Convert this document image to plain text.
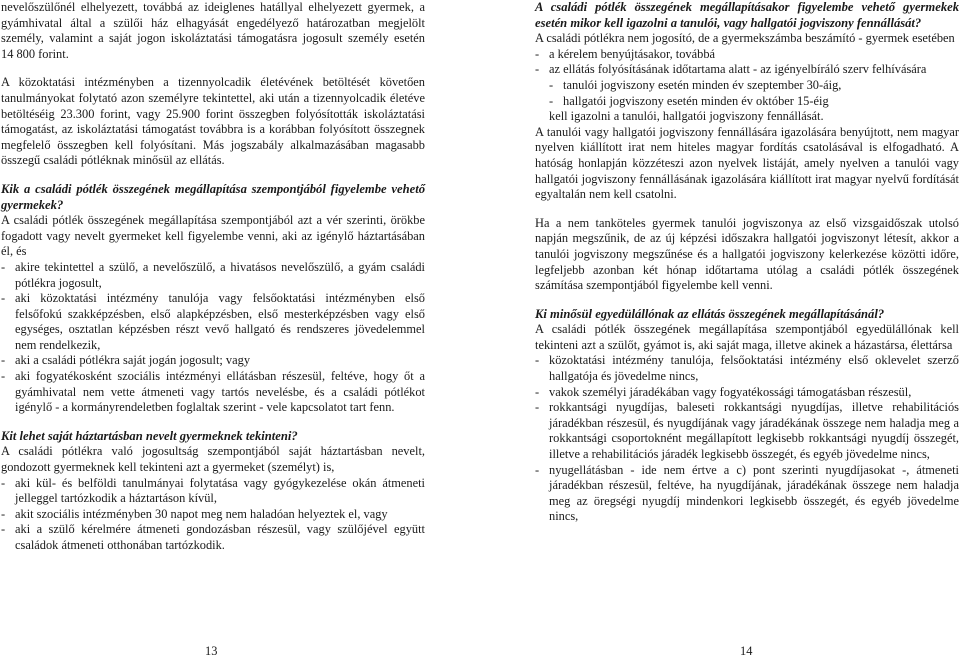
nevelőszülőnél elhelyezett, továbbá az ideiglenes hatállyal elhelyezett gyermek, a gyámhivatal által a szülői ház elhagyását engedélyező határozatban megjelölt személy, valamint a saját jogon iskoláztatási támogatásra jogosult személy esetén                    14 800 forint.

A közoktatási intézményben a tizennyolcadik életévének betöltését követően tanulmányokat folytató azon személyre tekintettel, aki után a tizennyolcadik életéve betöltéséig 23.300 forint, vagy 25.900 forint összegben folyósították iskoláztatási támogatást, az iskoláztatási támogatást továbbra is a korábban folyósított összegnek megfelelő összegben kell folyósítani. Más jogszabály alkalmazásában magasabb összegű családi pótléknak minősül az ellátás.

Kik a családi pótlék összegének megállapítása szempontjából figyelembe vehető gyermekek?

A családi pótlék összegének megállapítása szempontjából azt a vér szerinti, örökbe fogadott vagy nevelt gyermeket kell figyelembe venni, aki az igénylő háztartásában él, és

- akire tekintettel a szülő, a nevelőszülő, a hivatásos nevelőszülő, a gyám családi pótlékra jogosult,
- aki közoktatási intézmény tanulója vagy felsőoktatási intézményben első felsőfokú szakképzésben, első alapképzésben, első mesterképzésben vagy első egységes, osztatlan képzésben részt vevő hallgató és rendszeres jövedelemmel nem rendelkezik,
- aki a családi pótlékra saját jogán jogosult; vagy
- aki fogyatékosként szociális intézményi ellátásban részesül, feltéve, hogy őt a gyámhivatal nem vette átmeneti vagy tartós nevelésbe, és a családi pótlékot igénylő - a kormányrendeletben foglaltak szerint - vele kapcsolatot tart fenn.
Kit lehet saját háztartásban nevelt gyermeknek tekinteni?

A családi pótlékra való jogosultság szempontjából saját háztartásban nevelt, gondozott gyermeknek kell tekinteni azt a gyermeket (személyt) is,

- aki kül- és belföldi tanulmányai folytatása vagy gyógykezelése okán átmeneti jelleggel tartózkodik a háztartáson kívül,
- akit szociális intézményben 30 napot meg nem haladóan helyeztek el, vagy
- aki a szülő kérelmére átmeneti gondozásban részesül, vagy szülőjével együtt családok átmeneti otthonában tartózkodik.
A családi pótlék összegének megállapításakor figyelembe vehető gyermekek esetén mikor kell igazolni a tanulói, vagy hallgatói jogviszony fennállását?

A családi pótlékra nem jogosító, de a gyermekszámba beszámító - gyermek esetében

- a kérelem benyújtásakor, továbbá
- az ellátás folyósításának időtartama alatt - az igényelbíráló szerv felhívására
- tanulói jogviszony esetén minden év szeptember 30-áig,
- hallgatói jogviszony esetén minden év október 15-éig
kell igazolni a tanulói, hallgatói jogviszony fennállását.

A tanulói vagy hallgatói jogviszony fennállására igazolására benyújtott, nem magyar nyelven kiállított irat nem hiteles magyar fordítás csatolásával is elfogadható. A hatóság honlapján közzéteszi azon nyelvek listáját, amely nyelven a tanulói vagy hallgatói jogviszony fennállásának igazolására kiállított irat magyar nyelvű fordítását egyaltalán nem kell csatolni.

Ha a nem tanköteles gyermek tanulói jogviszonya az első vizsgaidőszak utolsó napján megszűnik, de az új képzési időszakra hallgatói jogviszonyt létesít, akkor a tanulói jogviszony megszűnése és a hallgatói jogviszony kelerkezése közötti időre, legfeljebb azonban két hónap időtartama utólag a családi pótlék összegének számítása szempontjából figyelembe kell venni.

Ki minősül egyedülállónak az ellátás összegének megállapításánál?

A családi pótlék összegének megállapítása szempontjából egyedülállónak kell tekinteni azt a szülőt, gyámot is, aki saját maga, illetve akinek a házastársa, élettársa

- közoktatási intézmény tanulója, felsőoktatási intézmény első oklevelet szerző hallgatója és jövedelme nincs,
- vakok személyi járadékában vagy fogyatékossági támogatásban részesül,
- rokkantsági nyugdíjas, baleseti rokkantsági nyugdíjas, illetve rehabilitációs járadékban részesül, és nyugdíjának vagy járadékának összege nem haladja meg a rokkantsági csoportoknént megállapított legkisebb rokkantsági nyugdíj összegét, illetve a rehabilitációs járadék legkisebb összegét, és egyéb jövedelme nincs,
- nyugellátásban - ide nem értve a c) pont szerinti nyugdíjasokat -, átmeneti járadékban részesül, feltéve, ha nyugdíjának, járadékának összege nem haladja meg az öregségi nyugdíj mindenkori legkisebb összegét, és egyéb jövedelme nincs,
13	14
